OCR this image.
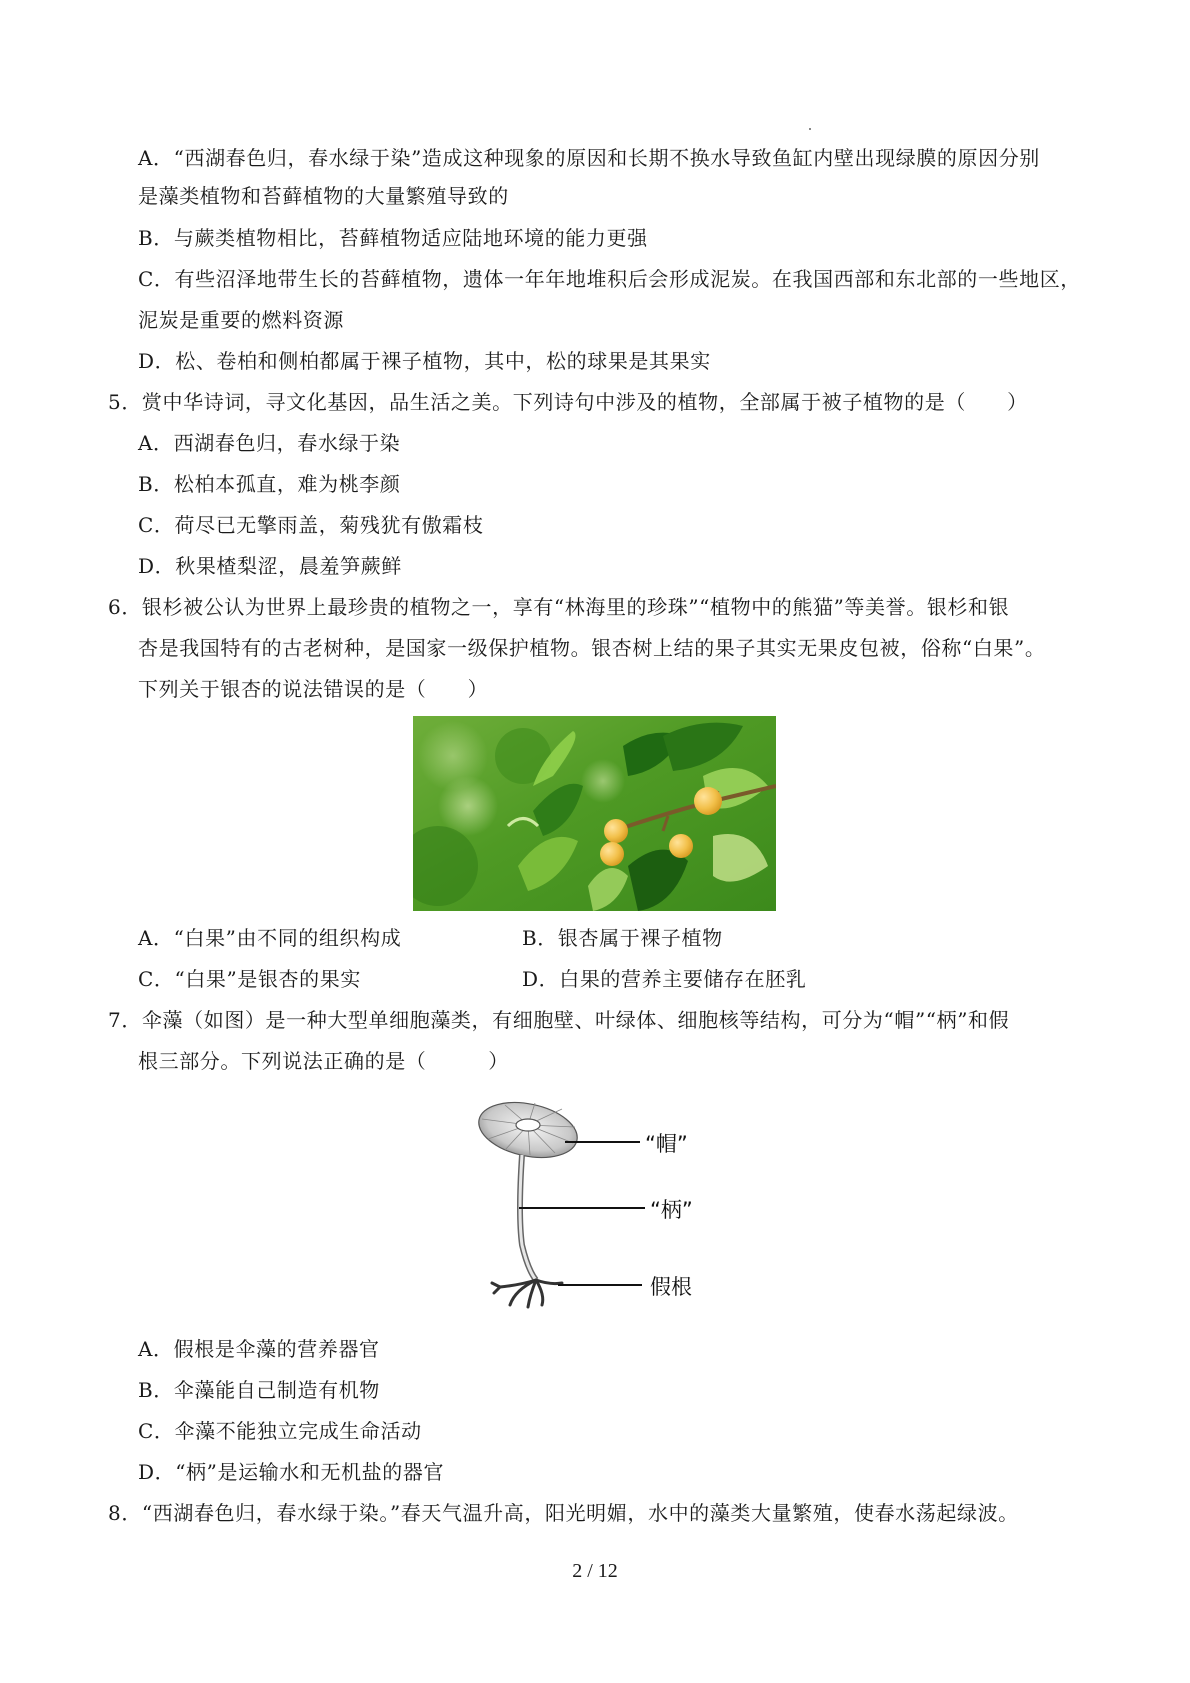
A．“西湖春色归，春水绿于染”造成这种现象的原因和长期不换水导致鱼缸内壁出现绿膜的原因分别
是藻类植物和苔藓植物的大量繁殖导致的
B．与蕨类植物相比，苔藓植物适应陆地环境的能力更强
C．有些沼泽地带生长的苔藓植物，遗体一年年地堆积后会形成泥炭。在我国西部和东北部的一些地区，
泥炭是重要的燃料资源
D．松、卷柏和侧柏都属于裸子植物，其中，松的球果是其果实
5．赏中华诗词，寻文化基因，品生活之美。下列诗句中涉及的植物，全部属于被子植物的是（　　）
A．西湖春色归，春水绿于染
B．松柏本孤直，难为桃李颜
C．荷尽已无擎雨盖，菊残犹有傲霜枝
D．秋果楂梨涩，晨羞笋蕨鲜
6．银杉被公认为世界上最珍贵的植物之一，享有“林海里的珍珠”“植物中的熊猫”等美誉。银杉和银
杏是我国特有的古老树种，是国家一级保护植物。银杏树上结的果子其实无果皮包被，俗称“白果”。
下列关于银杏的说法错误的是（　　）
A．“白果”由不同的组织构成	B．银杏属于裸子植物
C．“白果”是银杏的果实	D．白果的营养主要储存在胚乳
7．伞藻（如图）是一种大型单细胞藻类，有细胞壁、叶绿体、细胞核等结构，可分为“帽”“柄”和假
根三部分。下列说法正确的是（　　　）
“帽”
“柄”
假根
A．假根是伞藻的营养器官
B．伞藻能自己制造有机物
C．伞藻不能独立完成生命活动
D．“柄”是运输水和无机盐的器官
8．“西湖春色归，春水绿于染。”春天气温升高，阳光明媚，水中的藻类大量繁殖，使春水荡起绿波。
2 / 12
